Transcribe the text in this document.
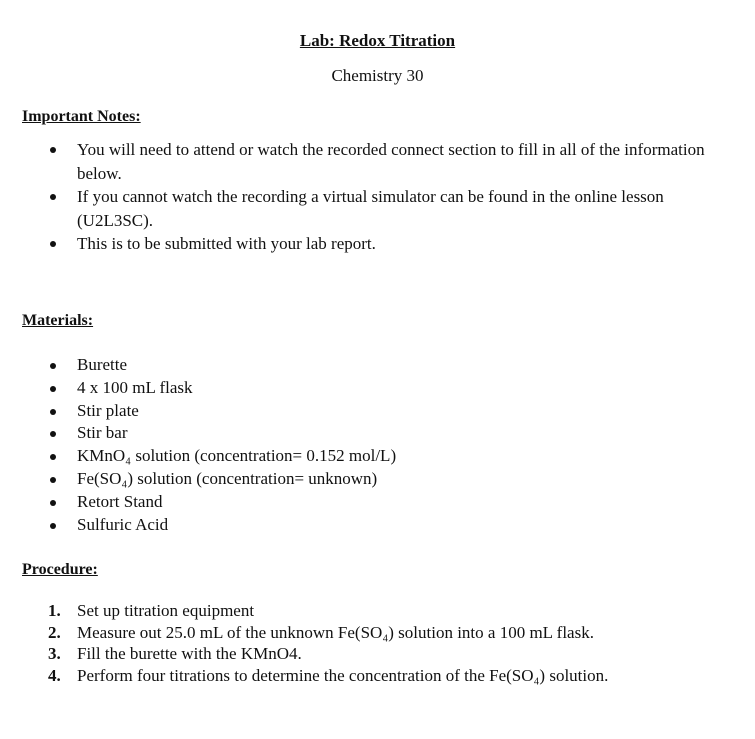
Lab: Redox Titration
Chemistry 30
Important Notes:
You will need to attend or watch the recorded connect section to fill in all of the information below.
If you cannot watch the recording a virtual simulator can be found in the online lesson (U2L3SC).
This is to be submitted with your lab report.
Materials:
Burette
4 x 100 mL flask
Stir plate
Stir bar
KMnO₄ solution (concentration= 0.152 mol/L)
Fe(SO₄) solution (concentration= unknown)
Retort Stand
Sulfuric Acid
Procedure:
1. Set up titration equipment
2. Measure out 25.0 mL of the unknown Fe(SO₄) solution into a 100 mL flask.
3. Fill the burette with the KMnO4.
4. Perform four titrations to determine the concentration of the Fe(SO₄) solution.
